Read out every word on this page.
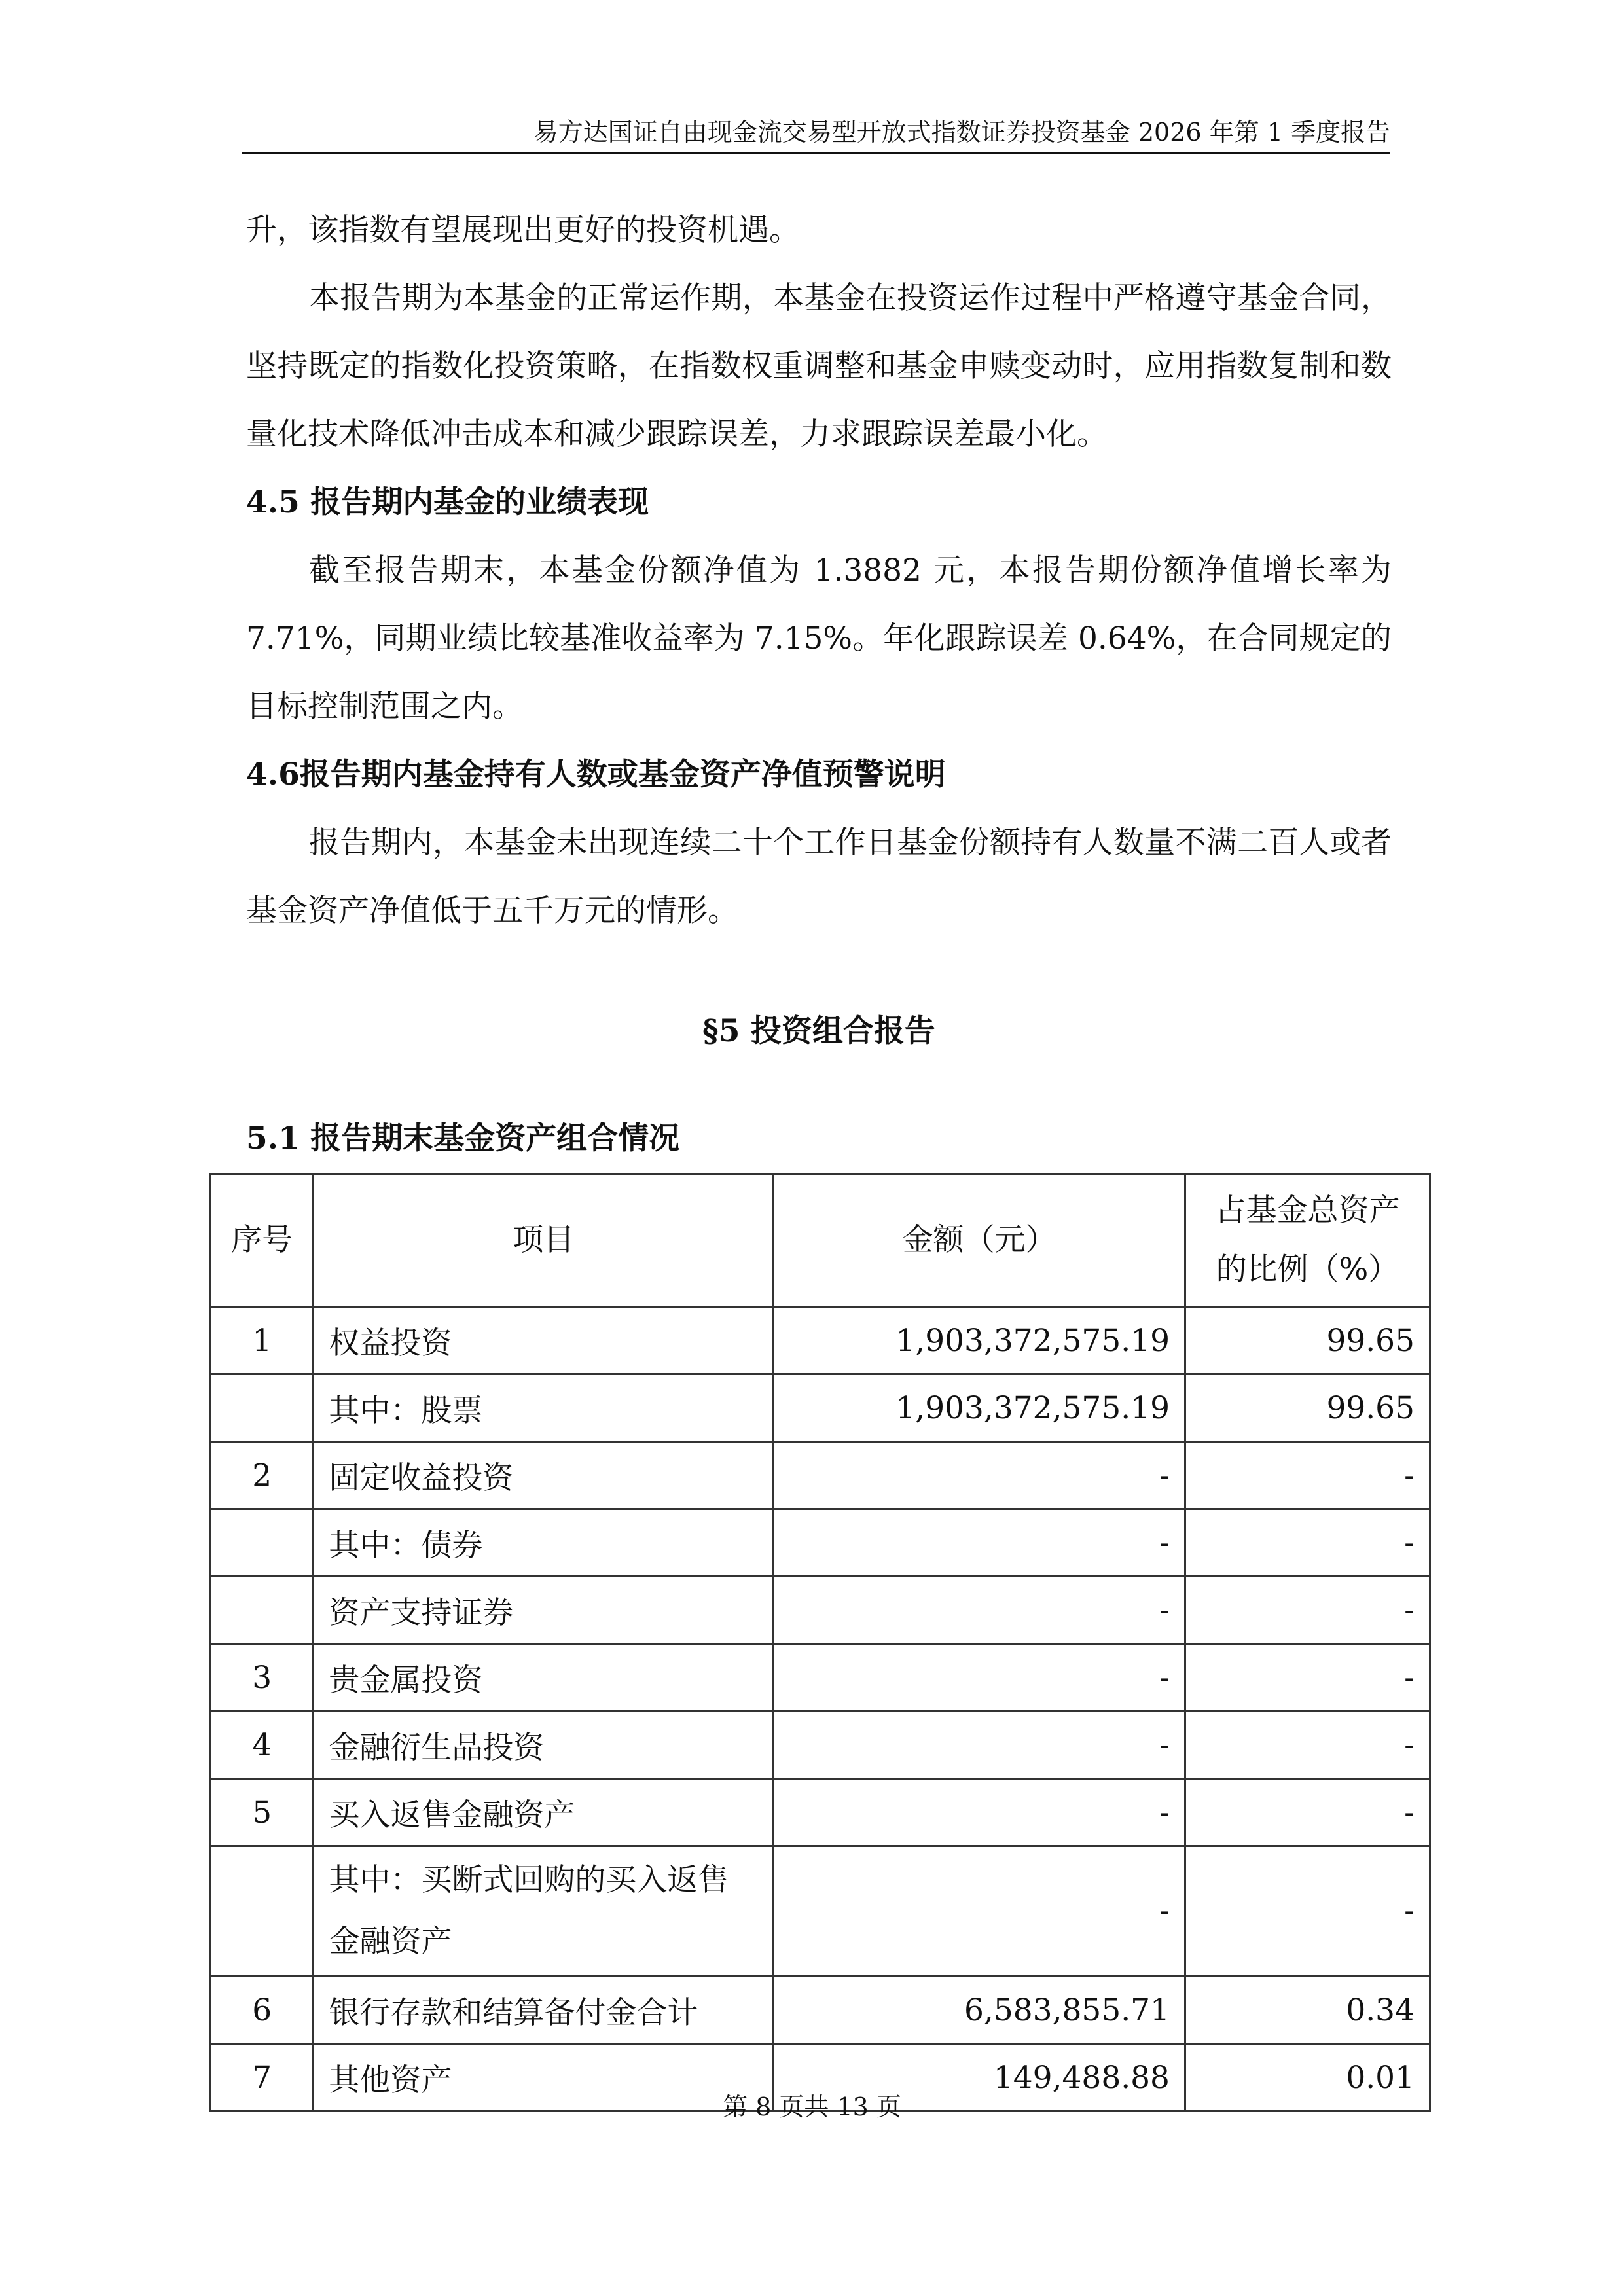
易方达国证自由现金流交易型开放式指数证券投资基金 2026 年第 1 季度报告

升，该指数有望展现出更好的投资机遇。

本报告期为本基金的正常运作期，本基金在投资运作过程中严格遵守基金合同，坚持既定的指数化投资策略，在指数权重调整和基金申赎变动时，应用指数复制和数量化技术降低冲击成本和减少跟踪误差，力求跟踪误差最小化。

4.5 报告期内基金的业绩表现

截至报告期末，本基金份额净值为 1.3882 元，本报告期份额净值增长率为 7.71%，同期业绩比较基准收益率为 7.15%。年化跟踪误差 0.64%，在合同规定的目标控制范围之内。

4.6报告期内基金持有人数或基金资产净值预警说明

报告期内，本基金未出现连续二十个工作日基金份额持有人数量不满二百人或者基金资产净值低于五千万元的情形。

§5 投资组合报告

5.1 报告期末基金资产组合情况

序号	项目	金额（元）	占基金总资产的比例（%）
1	权益投资	1,903,372,575.19	99.65
	其中：股票	1,903,372,575.19	99.65
2	固定收益投资	-	-
	其中：债券	-	-
	资产支持证券	-	-
3	贵金属投资	-	-
4	金融衍生品投资	-	-
5	买入返售金融资产	-	-
	其中：买断式回购的买入返售金融资产	-	-
6	银行存款和结算备付金合计	6,583,855.71	0.34
7	其他资产	149,488.88	0.01
第 8 页共 13 页
